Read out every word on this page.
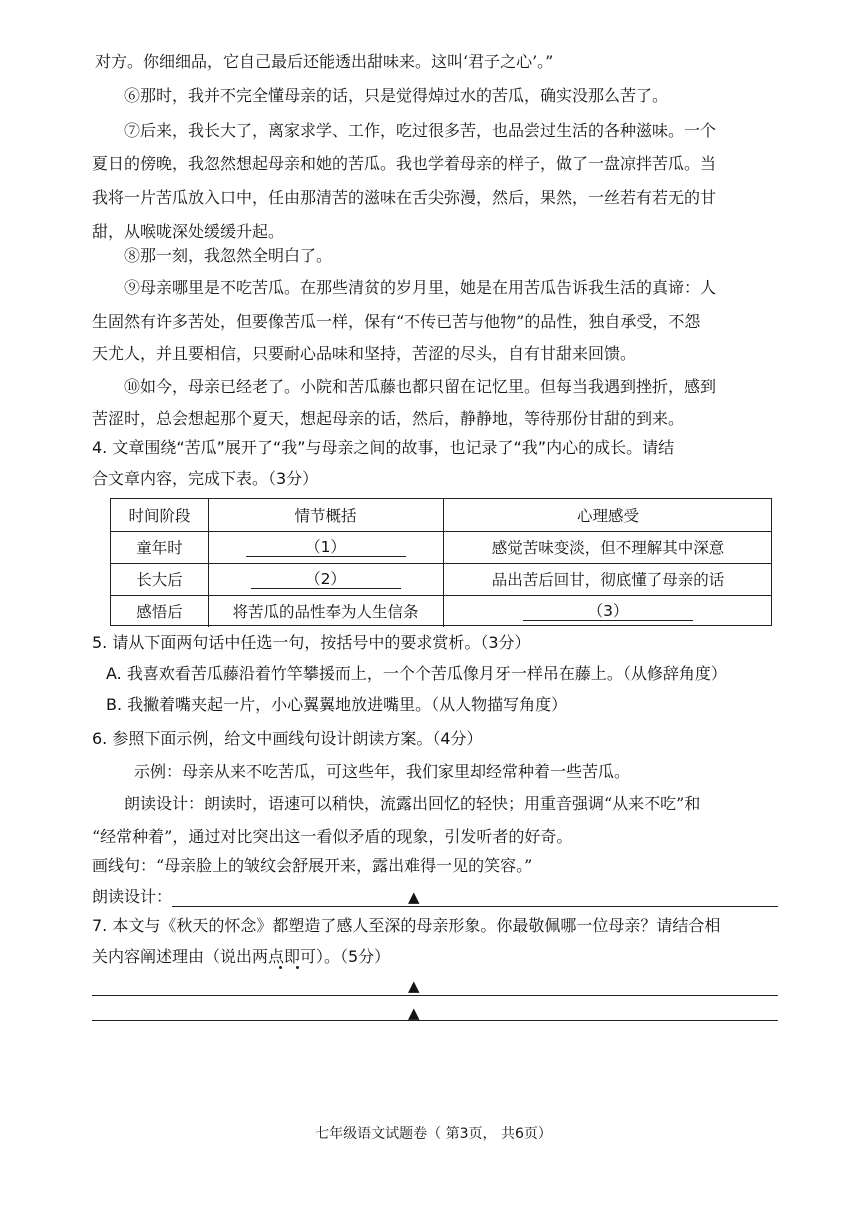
对方。你细细品，它自己最后还能透出甜味来。这叫‘君子之心’。”
⑥那时，我并不完全懂母亲的话，只是觉得焯过水的苦瓜，确实没那么苦了。
⑦后来，我长大了，离家求学、工作，吃过很多苦，也品尝过生活的各种滋味。一个
夏日的傍晚，我忽然想起母亲和她的苦瓜。我也学着母亲的样子，做了一盘凉拌苦瓜。当
我将一片苦瓜放入口中，任由那清苦的滋味在舌尖弥漫，然后，果然，一丝若有若无的甘
甜，从喉咙深处缓缓升起。
⑧那一刻，我忽然全明白了。
⑨母亲哪里是不吃苦瓜。在那些清贫的岁月里，她是在用苦瓜告诉我生活的真谛：人
生固然有许多苦处，但要像苦瓜一样，保有“不传已苦与他物”的品性，独自承受，不怨
天尤人，并且要相信，只要耐心品味和坚持，苦涩的尽头，自有甘甜来回馈。
⑩如今，母亲已经老了。小院和苦瓜藤也都只留在记忆里。但每当我遇到挫折，感到
苦涩时，总会想起那个夏天，想起母亲的话，然后，静静地，等待那份甘甜的到来。
4. 文章围绕“苦瓜”展开了“我”与母亲之间的故事，也记录了“我”内心的成长。请结
合文章内容，完成下表。（3分）
时间阶段	情节概括	心理感受
童年时	（1）	感觉苦味变淡，但不理解其中深意
长大后	（2）	品出苦后回甘，彻底懂了母亲的话
感悟后	将苦瓜的品性奉为人生信条	（3）
5. 请从下面两句话中任选一句，按括号中的要求赏析。（3分）
A. 我喜欢看苦瓜藤沿着竹竿攀援而上，一个个苦瓜像月牙一样吊在藤上。（从修辞角度）
B. 我撇着嘴夹起一片，小心翼翼地放进嘴里。（从人物描写角度）
6. 参照下面示例，给文中画线句设计朗读方案。（4分）
示例：母亲从来不吃苦瓜，可这些年，我们家里却经常种着一些苦瓜。
朗读设计：朗读时，语速可以稍快，流露出回忆的轻快；用重音强调“从来不吃”和
“经常种着”，通过对比突出这一看似矛盾的现象，引发听者的好奇。
画线句：“母亲脸上的皱纹会舒展开来，露出难得一见的笑容。”
朗读设计：	▲
7. 本文与《秋天的怀念》都塑造了感人至深的母亲形象。你最敬佩哪一位母亲？请结合相
关内容阐述理由（说出两点即可）。（5分）
▲
▲
七年级语文试题卷（ 第3页， 共6页）
